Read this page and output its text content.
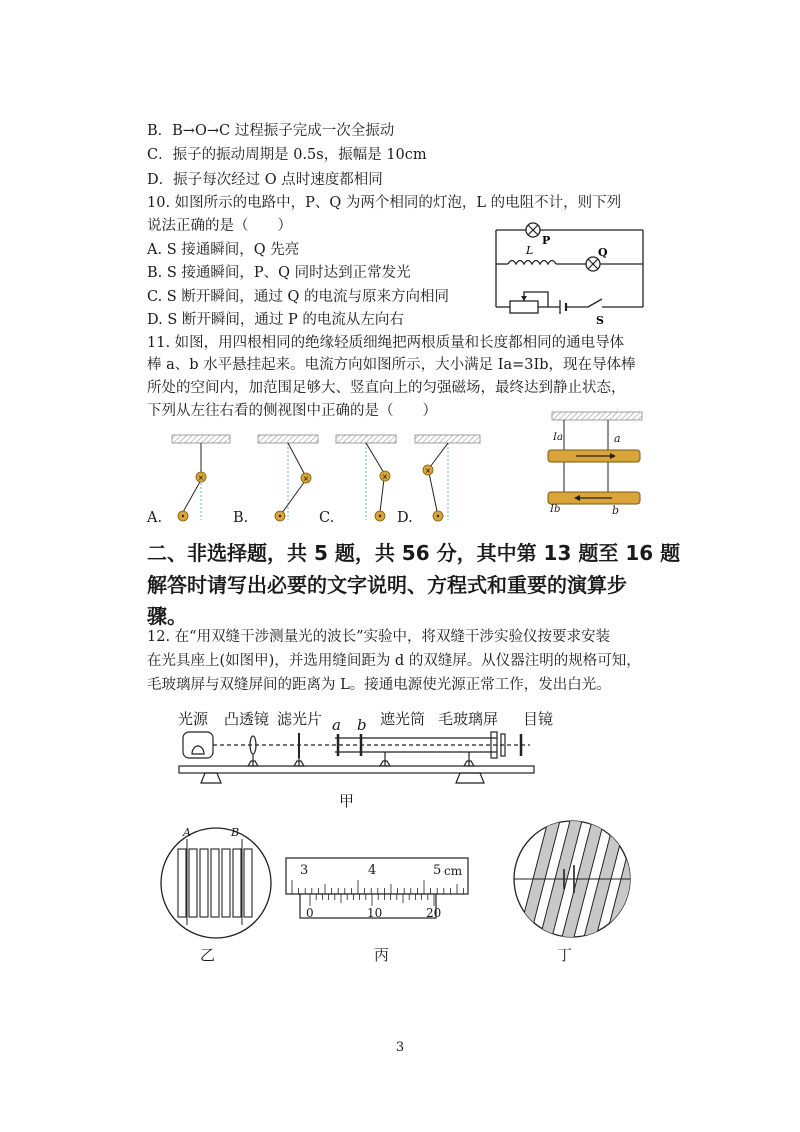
B．B→O→C 过程振子完成一次全振动
C．振子的振动周期是 0.5s，振幅是 10cm
D．振子每次经过 O 点时速度都相同
10. 如图所示的电路中，P、Q 为两个相同的灯泡，L 的电阻不计，则下列
说法正确的是（　　）
A. S 接通瞬间，Q 先亮
B. S 接通瞬间，P、Q 同时达到正常发光
C. S 断开瞬间，通过 Q 的电流与原来方向相同
D. S 断开瞬间，通过 P 的电流从左向右
P
Q
L
S
11. 如图，用四根相同的绝缘轻质细绳把两根质量和长度都相同的通电导体
棒 a、b 水平悬挂起来。电流方向如图所示，大小满足 Ia=3Ib，现在导体棒
所处的空间内，加范围足够大、竖直向上的匀强磁场，最终达到静止状态，
下列从左往右看的侧视图中正确的是（　　）
×	×	×
×
A.	B.	C.	D.
Ia	a
Ib	b
二、非选择题，共 5 题，共 56 分，其中第 13 题至 16 题
解答时请写出必要的文字说明、方程式和重要的演算步
骤。
12. 在“用双缝干涉测量光的波长”实验中，将双缝干涉实验仪按要求安装
在光具座上(如图甲)，并选用缝间距为 d 的双缝屏。从仪器注明的规格可知，
毛玻璃屏与双缝屏间的距离为 L。接通电源使光源正常工作，发出白光。
光源 凸透镜 滤光片 a b 遮光筒 毛玻璃屏 目镜
甲
A	B
乙
3	4	5 cm
0	10	20
丙	丁
3
